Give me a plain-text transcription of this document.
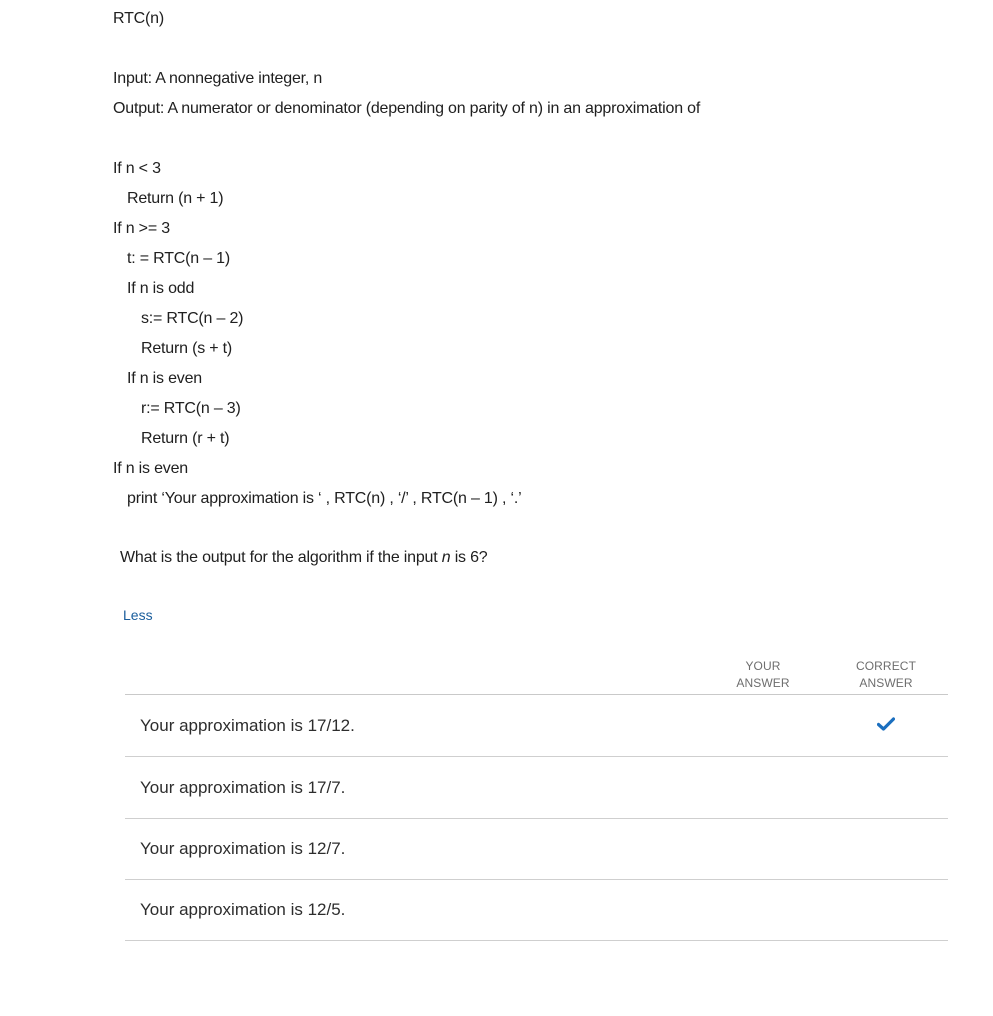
RTC(n)
Input: A nonnegative integer, n
Output: A numerator or denominator (depending on parity of n) in an approximation of
If n < 3
Return (n + 1)
If n >= 3
t: = RTC(n – 1)
If n is odd
s:= RTC(n – 2)
Return (s + t)
If n is even
r:= RTC(n – 3)
Return (r + t)
If n is even
print ‘Your approximation is ‘ , RTC(n) , ‘/’ , RTC(n – 1) , ‘.’
What is the output for the algorithm if the input n is 6?
Less
YOUR
ANSWER
CORRECT
ANSWER
Your approximation is 17/12.
Your approximation is 17/7.
Your approximation is 12/7.
Your approximation is 12/5.
